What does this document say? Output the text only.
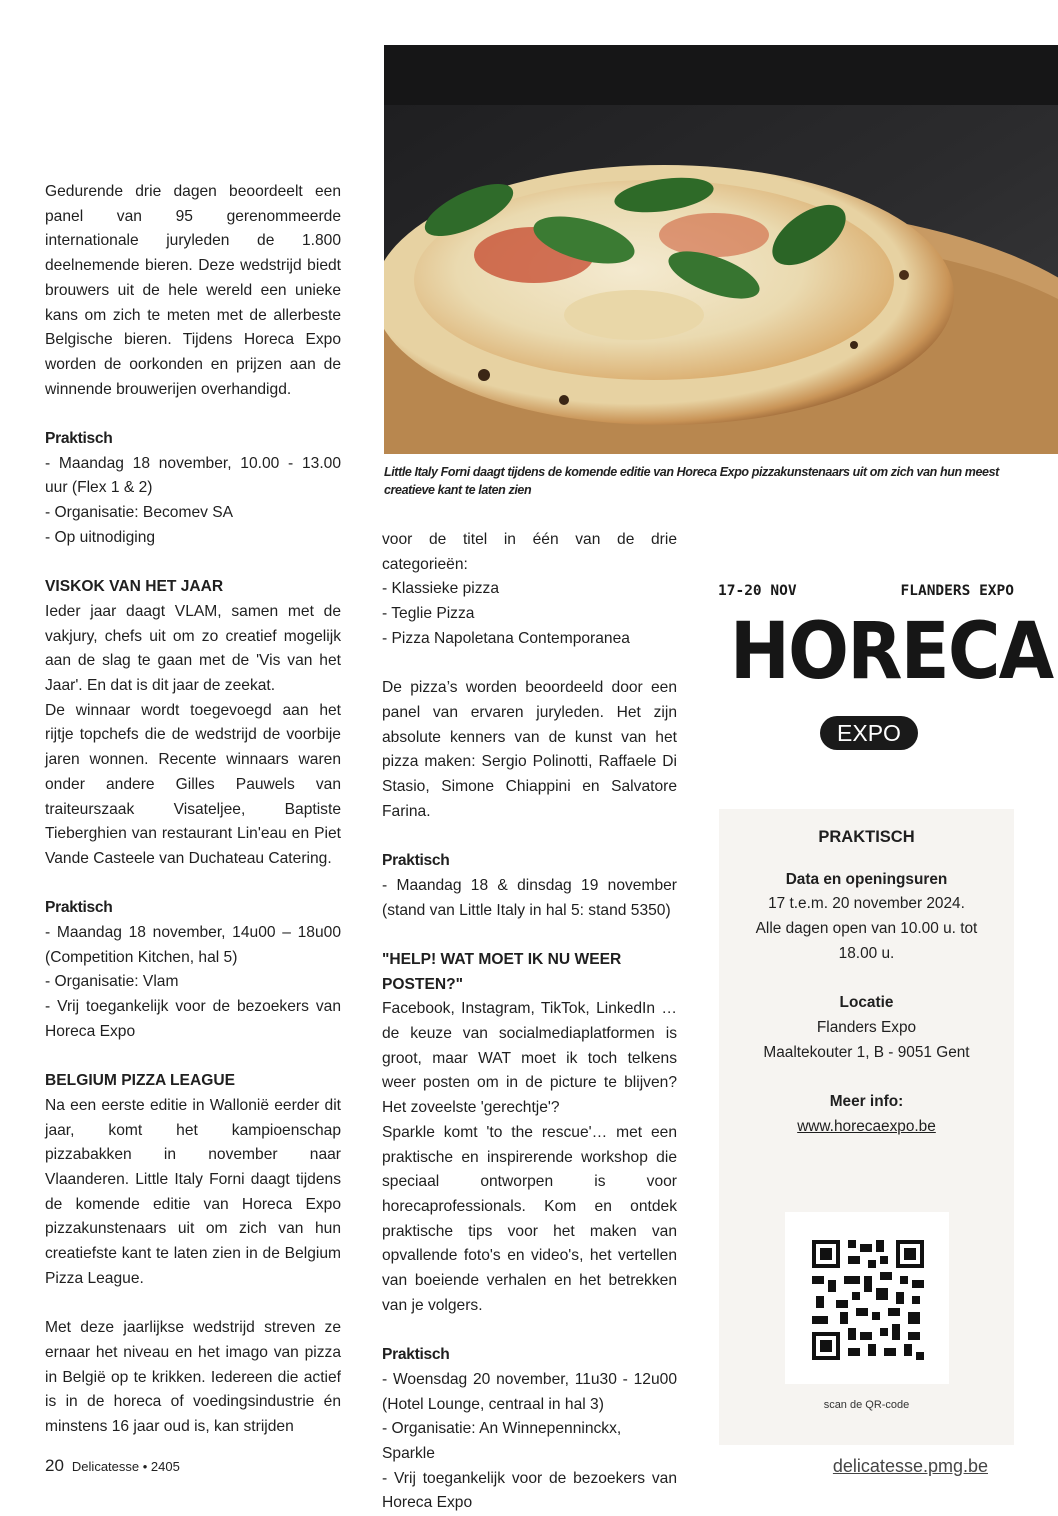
Gedurende drie dagen beoordeelt een panel van 95 gerenommeerde internationale juryleden de 1.800 deelnemende bieren. Deze wedstrijd biedt brouwers uit de hele wereld een unieke kans om zich te meten met de allerbeste Belgische bieren. Tijdens Horeca Expo worden de oorkonden en prijzen aan de winnende brouwerijen overhandigd.

Praktisch

- Maandag 18 november, 10.00 - 13.00 uur (Flex 1 & 2)

- Organisatie: Becomev SA

- Op uitnodiging

VISKOK VAN HET JAAR

Ieder jaar daagt VLAM, samen met de vakjury, chefs uit om zo creatief mogelijk aan de slag te gaan met de 'Vis van het Jaar'. En dat is dit jaar de zeekat.

De winnaar wordt toegevoegd aan het rijtje topchefs die de wedstrijd de voorbije jaren wonnen. Recente winnaars waren onder andere Gilles Pauwels van traiteurszaak Visateljee, Baptiste Tieberghien van restaurant Lin'eau en Piet Vande Casteele van Duchateau Catering.

Praktisch

- Maandag 18 november, 14u00 – 18u00 (Competition Kitchen, hal 5)

- Organisatie: Vlam

- Vrij toegankelijk voor de bezoekers van Horeca Expo

BELGIUM PIZZA LEAGUE

Na een eerste editie in Wallonië eerder dit jaar, komt het kampioenschap pizzabakken in november naar Vlaanderen. Little Italy Forni daagt tijdens de komende editie van Horeca Expo pizzakunstenaars uit om zich van hun creatiefste kant te laten zien in de Belgium Pizza League.

Met deze jaarlijkse wedstrijd streven ze ernaar het niveau en het imago van pizza in België op te krikken. Iedereen die actief is in de horeca of voedingsindustrie én minstens 16 jaar oud is, kan strijden

Little Italy Forni daagt tijdens de komende editie van Horeca Expo pizzakunstenaars uit om zich van hun meest creatieve kant te laten zien

voor de titel in één van de drie categorieën:

- Klassieke pizza

- Teglie Pizza

- Pizza Napoletana Contemporanea

De pizza’s worden beoordeeld door een panel van ervaren juryleden. Het zijn absolute kenners van de kunst van het pizza maken: Sergio Polinotti, Raffaele Di Stasio, Simone Chiappini en Salvatore Farina.

Praktisch

- Maandag 18 & dinsdag 19 november (stand van Little Italy in hal 5: stand 5350)

"HELP! WAT MOET IK NU WEER POSTEN?"

Facebook, Instagram, TikTok, LinkedIn … de keuze van socialmediaplatformen is groot, maar WAT moet ik toch telkens weer posten om in de picture te blijven? Het zoveelste 'gerechtje'?

Sparkle komt 'to the rescue'… met een praktische en inspirerende workshop die speciaal ontworpen is voor horecaprofessionals. Kom en ontdek praktische tips voor het maken van opvallende foto's en video's, het vertellen van boeiende verhalen en het betrekken van je volgers.

Praktisch

- Woensdag 20 november, 11u30 - 12u00 (Hotel Lounge, centraal in hal 3)

- Organisatie: An Winnepenninckx, Sparkle

- Vrij toegankelijk voor de bezoekers van Horeca Expo

17-20 NOV	FLANDERS EXPO
HORECA
EXPO

PRAKTISCH

Data en openingsuren

17 t.e.m. 20 november 2024.

Alle dagen open van 10.00 u. tot

18.00 u.

Locatie

Flanders Expo

Maaltekouter 1, B - 9051 Gent

Meer info:

www.horecaexpo.be

scan de QR-code
20 Delicatesse • 2405	delicatesse.pmg.be
